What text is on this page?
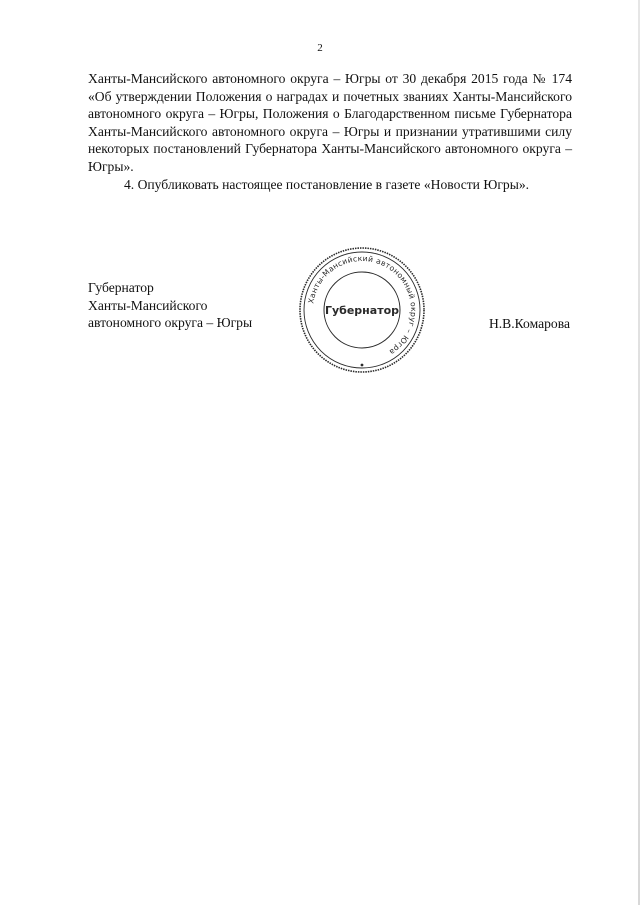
2

Ханты-Мансийского автономного округа – Югры от 30 декабря 2015 года № 174 «Об утверждении Положения о наградах и почетных званиях Ханты-Мансийского автономного округа – Югры, Положения о Благодарственном письме Губернатора Ханты-Мансийского автономного округа – Югры и признании утратившими силу некоторых постановлений Губернатора Ханты-Мансийского автономного округа – Югры».

4. Опубликовать настоящее постановление в газете «Новости Югры».

Губернатор
Ханты-Мансийского
автономного округа – Югры
Ханты-Мансийский автономный округ – Югра
Губернатор
Н.В.Комарова
